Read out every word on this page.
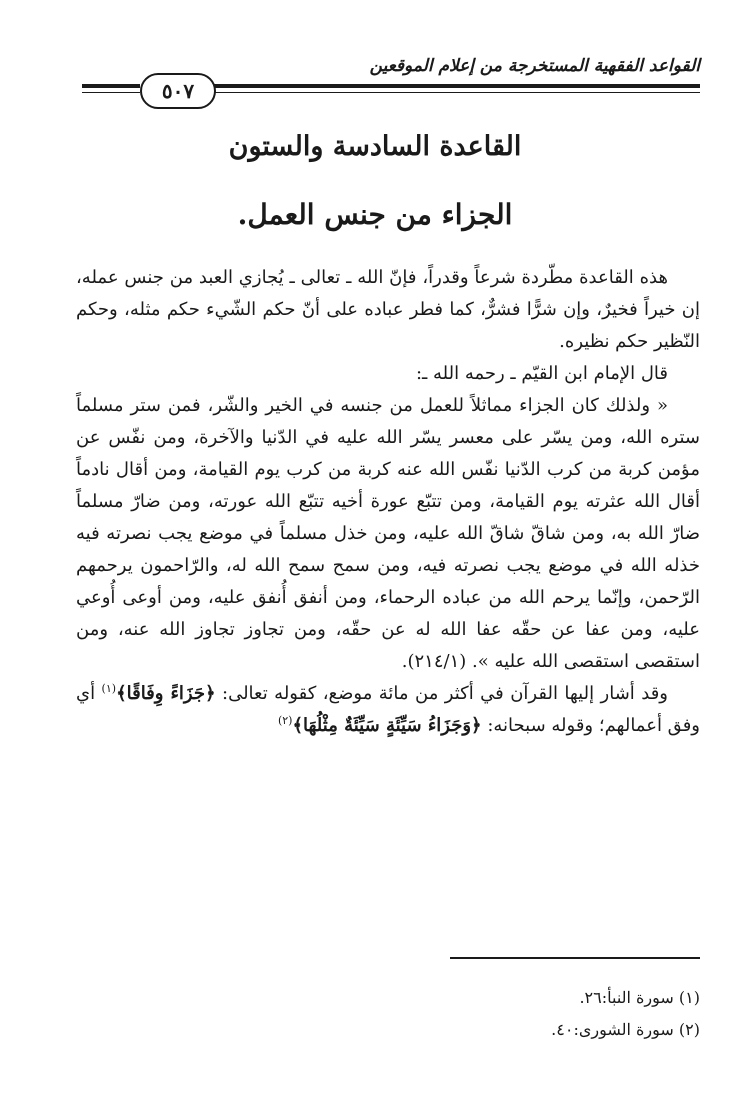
القواعد الفقهية المستخرجة من إعلام الموقعين
٥٠٧
القاعدة السادسة والستون
الجزاء من جنس العمل.

هذه القاعدة مطّردة شرعاً وقدراً، فإنّ الله ـ تعالى ـ يُجازي العبد من جنس عمله، إن خيراً فخيرٌ، وإن شرًّا فشرٌّ، كما فطر عباده على أنّ حكم الشّيء حكم مثله، وحكم النّظير حكم نظيره.

قال الإمام ابن القيّم ـ رحمه الله ـ:

« ولذلك كان الجزاء مماثلاً للعمل من جنسه في الخير والشّر، فمن ستر مسلماً ستره الله، ومن يسّر على معسر يسّر الله عليه في الدّنيا والآخرة، ومن نفّس عن مؤمن كربة من كرب الدّنيا نفّس الله عنه كربة من كرب يوم القيامة، ومن أقال نادماً أقال الله عثرته يوم القيامة، ومن تتبّع عورة أخيه تتبّع الله عورته، ومن ضارّ مسلماً ضارّ الله به، ومن شاقّ شاقّ الله عليه، ومن خذل مسلماً في موضع يجب نصرته فيه خذله الله في موضع يجب نصرته فيه، ومن سمح سمح الله له، والرّاحمون يرحمهم الرّحمن، وإنّما يرحم الله من عباده الرحماء، ومن أنفق أُنفق عليه، ومن أوعى أُوعي عليه، ومن عفا عن حقّه عفا الله له عن حقّه، ومن تجاوز تجاوز الله عنه، ومن استقصى استقصى الله عليه ». (٢١٤/١).

وقد أشار إليها القرآن في أكثر من مائة موضع، كقوله تعالى: ﴿جَزَاءً وِفَاقًا﴾$^{(١)}$ أي وفق أعمالهم؛ وقوله سبحانه: ﴿وَجَزَاءُ سَيِّئَةٍ سَيِّئَةٌ مِثْلُهَا﴾$^{(٢)}$

(١) سورة النبأ:٢٦.
(٢) سورة الشورى:٤٠.
